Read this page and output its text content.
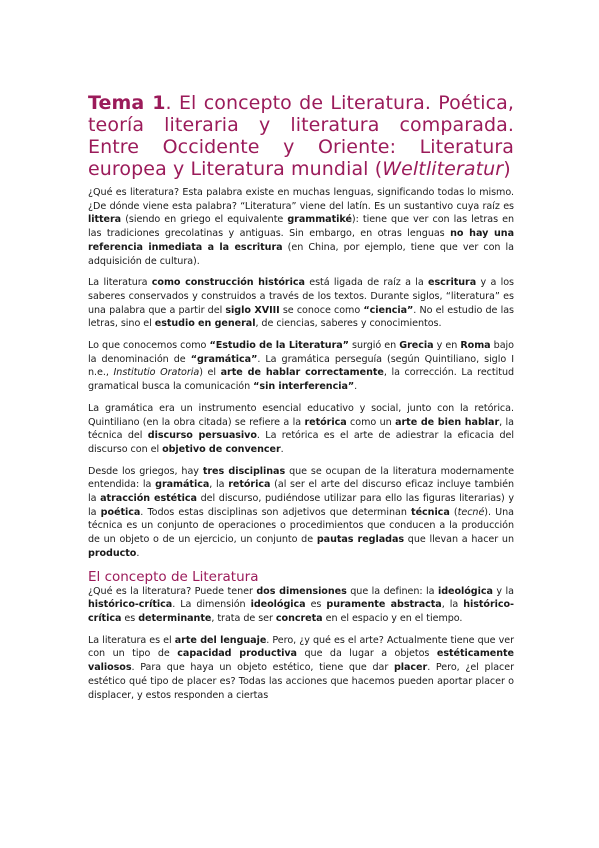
Tema 1. El concepto de Literatura. Poética, teoría literaria y literatura comparada. Entre Occidente y Oriente: Literatura europea y Literatura mundial (Weltliteratur)

¿Qué es literatura? Esta palabra existe en muchas lenguas, significando todas lo mismo. ¿De dónde viene esta palabra? “Literatura” viene del latín. Es un sustantivo cuya raíz es littera (siendo en griego el equivalente grammatiké): tiene que ver con las letras en las tradiciones grecolatinas y antiguas. Sin embargo, en otras lenguas no hay una referencia inmediata a la escritura (en China, por ejemplo, tiene que ver con la adquisición de cultura).

La literatura como construcción histórica está ligada de raíz a la escritura y a los saberes conservados y construidos a través de los textos. Durante siglos, “literatura” es una palabra que a partir del siglo XVIII se conoce como “ciencia”. No el estudio de las letras, sino el estudio en general, de ciencias, saberes y conocimientos.

Lo que conocemos como “Estudio de la Literatura” surgió en Grecia y en Roma bajo la denominación de “gramática”. La gramática perseguía (según Quintiliano, siglo I n.e., Institutio Oratoria) el arte de hablar correctamente, la corrección. La rectitud gramatical busca la comunicación “sin interferencia”.

La gramática era un instrumento esencial educativo y social, junto con la retórica. Quintiliano (en la obra citada) se refiere a la retórica como un arte de bien hablar, la técnica del discurso persuasivo. La retórica es el arte de adiestrar la eficacia del discurso con el objetivo de convencer.

Desde los griegos, hay tres disciplinas que se ocupan de la literatura modernamente entendida: la gramática, la retórica (al ser el arte del discurso eficaz incluye también la atracción estética del discurso, pudiéndose utilizar para ello las figuras literarias) y la poética. Todos estas disciplinas son adjetivos que determinan técnica (tecné). Una técnica es un conjunto de operaciones o procedimientos que conducen a la producción de un objeto o de un ejercicio, un conjunto de pautas regladas que llevan a hacer un producto.

El concepto de Literatura

¿Qué es la literatura? Puede tener dos dimensiones que la definen: la ideológica y la histórico-crítica. La dimensión ideológica es puramente abstracta, la histórico-crítica es determinante, trata de ser concreta en el espacio y en el tiempo.

La literatura es el arte del lenguaje. Pero, ¿y qué es el arte? Actualmente tiene que ver con un tipo de capacidad productiva que da lugar a objetos estéticamente valiosos. Para que haya un objeto estético, tiene que dar placer. Pero, ¿el placer estético qué tipo de placer es? Todas las acciones que hacemos pueden aportar placer o displacer, y estos responden a ciertas
